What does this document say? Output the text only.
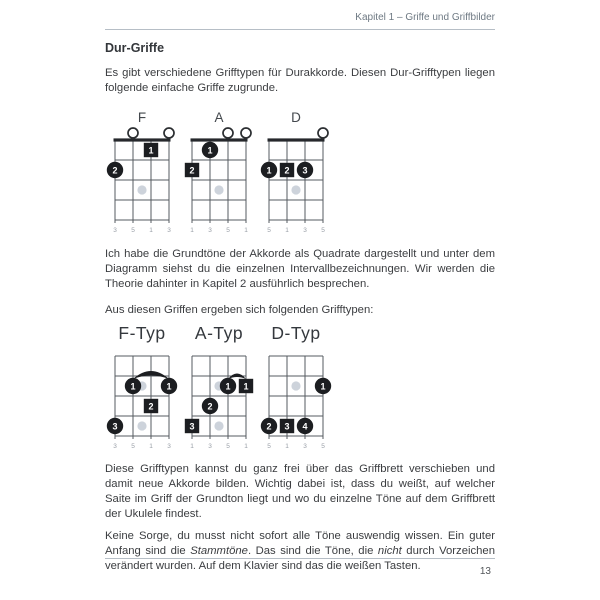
Kapitel 1 – Griffe und Griffbilder
Dur-Griffe

Es gibt verschiedene Grifftypen für Durakkorde. Diesen Dur-Grifftypen liegen folgende einfache Griffe zugrunde.

F
1
2
3 5 1 3
A
1
2
1 3 5 1
D
1 2 3
5 1 3 5

Ich habe die Grundtöne der Akkorde als Quadrate dargestellt und unter dem Diagramm siehst du die einzelnen Intervallbezeichnungen. Wir werden die Theorie dahinter in Kapitel 2 ausführlich besprechen.

Aus diesen Griffen ergeben sich folgenden Grifftypen:

F-Typ
1	1
2
3
3 5 1 3
A-Typ
1 1
2
3
1 3 5 1
D-Typ
1
2 3 4
5 1 3 5

Diese Grifftypen kannst du ganz frei über das Griffbrett verschieben und damit neue Akkorde bilden. Wichtig dabei ist, dass du weißt, auf welcher Saite im Griff der Grundton liegt und wo du einzelne Töne auf dem Griffbrett der Ukulele findest.

Keine Sorge, du musst nicht sofort alle Töne auswendig wissen. Ein guter Anfang sind die Stammtöne. Das sind die Töne, die nicht durch Vorzeichen verändert wurden. Auf dem Klavier sind das die weißen Tasten.	13
